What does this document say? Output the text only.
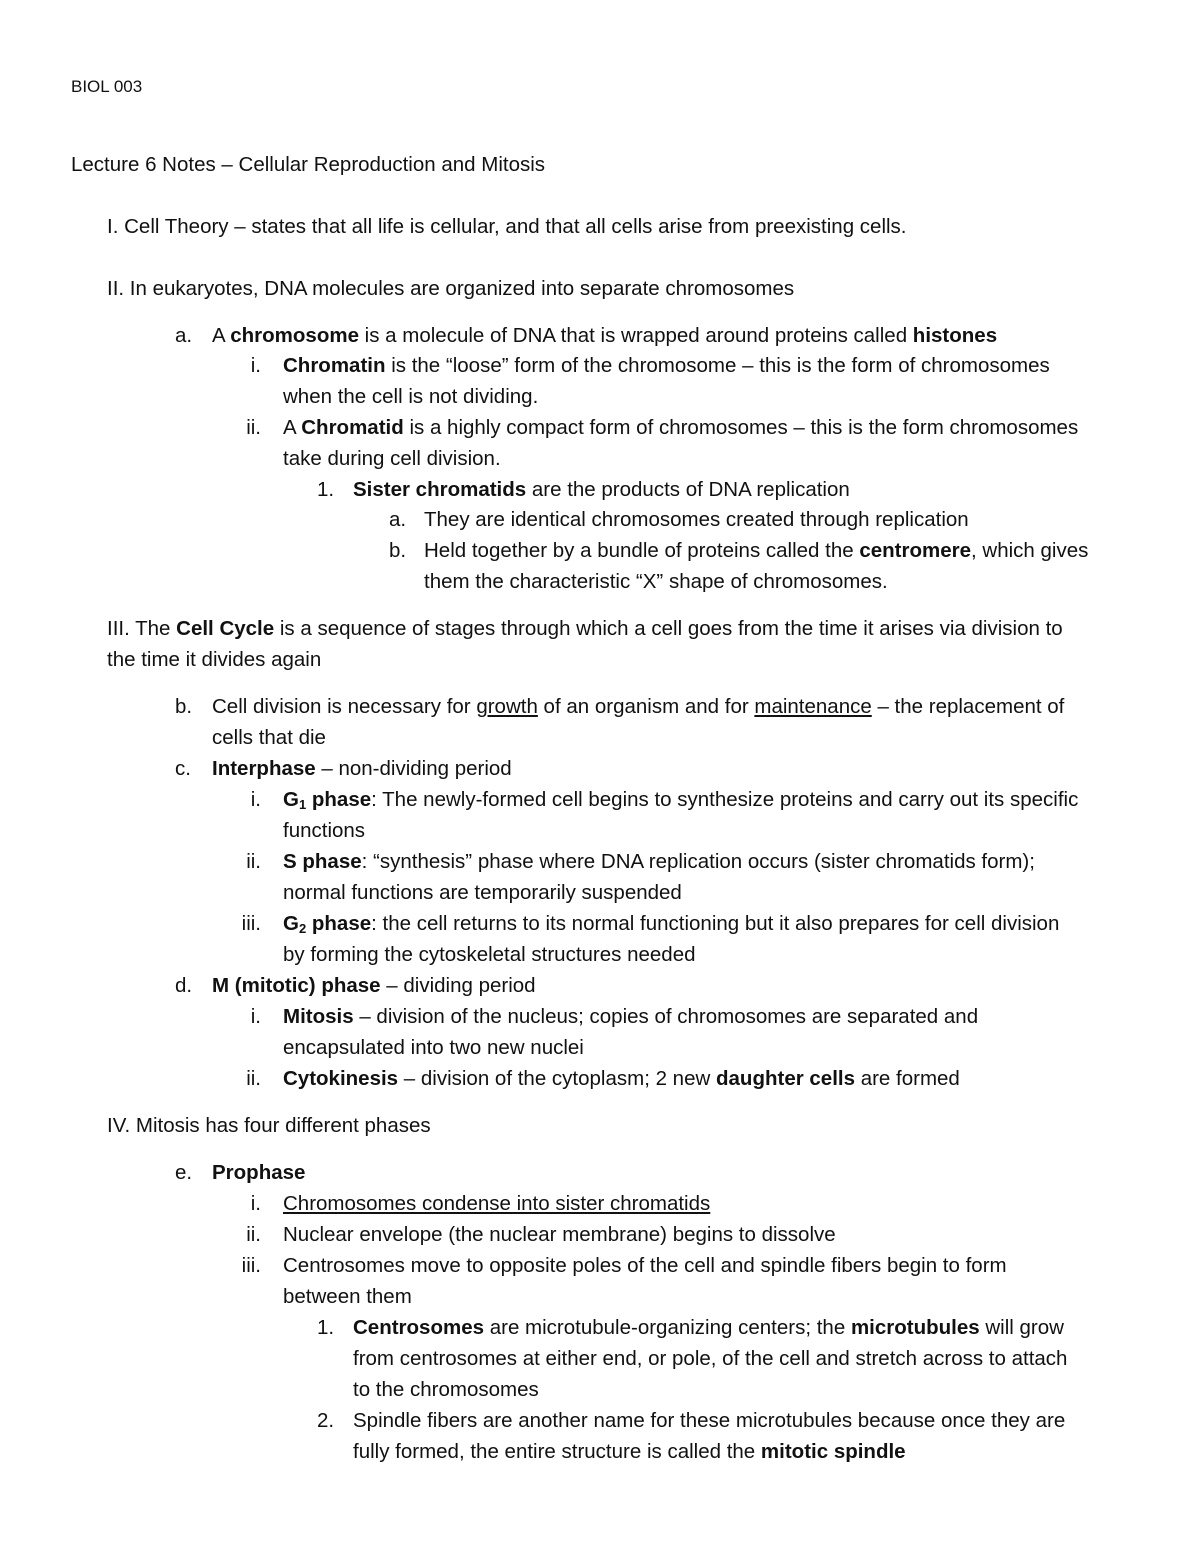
BIOL 003
Lecture 6 Notes – Cellular Reproduction and Mitosis
I. Cell Theory – states that all life is cellular, and that all cells arise from preexisting cells.
II. In eukaryotes, DNA molecules are organized into separate chromosomes
a. A chromosome is a molecule of DNA that is wrapped around proteins called histones
i. Chromatin is the “loose” form of the chromosome – this is the form of chromosomes
when the cell is not dividing.
ii. A Chromatid is a highly compact form of chromosomes – this is the form chromosomes
take during cell division.
1. Sister chromatids are the products of DNA replication
a. They are identical chromosomes created through replication
b. Held together by a bundle of proteins called the centromere, which gives
them the characteristic “X” shape of chromosomes.
III. The Cell Cycle is a sequence of stages through which a cell goes from the time it arises via division to
the time it divides again
b. Cell division is necessary for growth of an organism and for maintenance – the replacement of
cells that die
c. Interphase – non-dividing period
i. $G_1$ phase: The newly-formed cell begins to synthesize proteins and carry out its specific
functions
ii. S phase: “synthesis” phase where DNA replication occurs (sister chromatids form);
normal functions are temporarily suspended
iii. $G_2$ phase: the cell returns to its normal functioning but it also prepares for cell division
by forming the cytoskeletal structures needed
d. M (mitotic) phase – dividing period
i. Mitosis – division of the nucleus; copies of chromosomes are separated and
encapsulated into two new nuclei
ii. Cytokinesis – division of the cytoplasm; 2 new daughter cells are formed
IV. Mitosis has four different phases
e. Prophase
i. Chromosomes condense into sister chromatids
ii. Nuclear envelope (the nuclear membrane) begins to dissolve
iii. Centrosomes move to opposite poles of the cell and spindle fibers begin to form
between them
1. Centrosomes are microtubule-organizing centers; the microtubules will grow
from centrosomes at either end, or pole, of the cell and stretch across to attach
to the chromosomes
2. Spindle fibers are another name for these microtubules because once they are
fully formed, the entire structure is called the mitotic spindle
